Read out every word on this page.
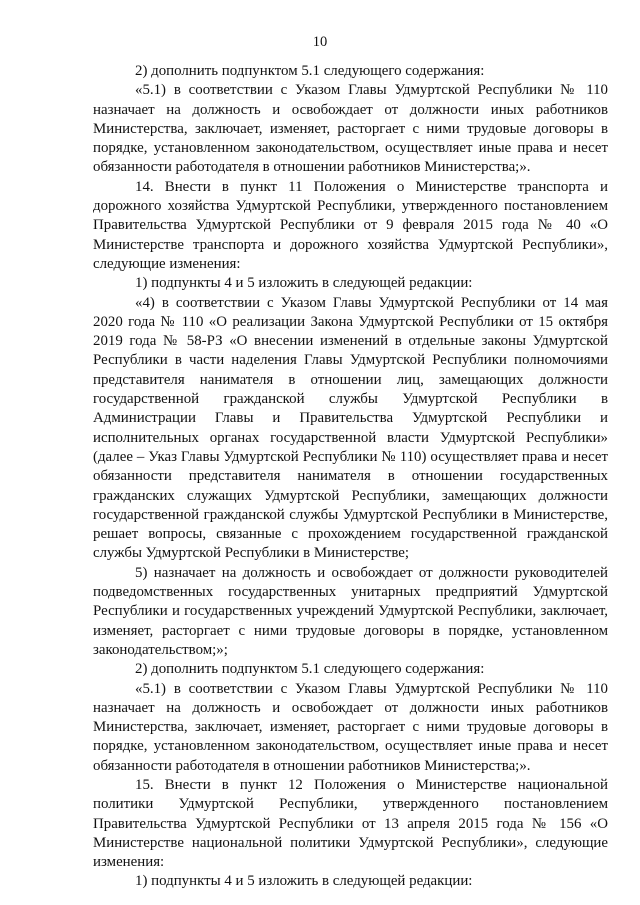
10

2) дополнить подпунктом 5.1 следующего содержания:

«5.1) в соответствии с Указом Главы Удмуртской Республики № 110 назначает на должность и освобождает от должности иных работников Министерства, заключает, изменяет, расторгает с ними трудовые договоры в порядке, установленном законодательством, осуществляет иные права и несет обязанности работодателя в отношении работников Министерства;».

14. Внести в пункт 11 Положения о Министерстве транспорта и дорожного хозяйства Удмуртской Республики, утвержденного постановлением Правительства Удмуртской Республики от 9 февраля 2015 года № 40 «О Министерстве транспорта и дорожного хозяйства Удмуртской Республики», следующие изменения:

1) подпункты 4 и 5 изложить в следующей редакции:

«4) в соответствии с Указом Главы Удмуртской Республики от 14 мая 2020 года № 110 «О реализации Закона Удмуртской Республики от 15 октября 2019 года № 58-РЗ «О внесении изменений в отдельные законы Удмуртской Республики в части наделения Главы Удмуртской Республики полномочиями представителя нанимателя в отношении лиц, замещающих должности государственной гражданской службы Удмуртской Республики в Администрации Главы и Правительства Удмуртской Республики и исполнительных органах государственной власти Удмуртской Республики» (далее – Указ Главы Удмуртской Республики № 110) осуществляет права и несет обязанности представителя нанимателя в отношении государственных гражданских служащих Удмуртской Республики, замещающих должности государственной гражданской службы Удмуртской Республики в Министерстве, решает вопросы, связанные с прохождением государственной гражданской службы Удмуртской Республики в Министерстве;

5) назначает на должность и освобождает от должности руководителей подведомственных государственных унитарных предприятий Удмуртской Республики и государственных учреждений Удмуртской Республики, заключает, изменяет, расторгает с ними трудовые договоры в порядке, установленном законодательством;»;

2) дополнить подпунктом 5.1 следующего содержания:

«5.1) в соответствии с Указом Главы Удмуртской Республики № 110 назначает на должность и освобождает от должности иных работников Министерства, заключает, изменяет, расторгает с ними трудовые договоры в порядке, установленном законодательством, осуществляет иные права и несет обязанности работодателя в отношении работников Министерства;».

15. Внести в пункт 12 Положения о Министерстве национальной политики Удмуртской Республики, утвержденного постановлением Правительства Удмуртской Республики от 13 апреля 2015 года № 156 «О Министерстве национальной политики Удмуртской Республики», следующие изменения:

1) подпункты 4 и 5 изложить в следующей редакции:
